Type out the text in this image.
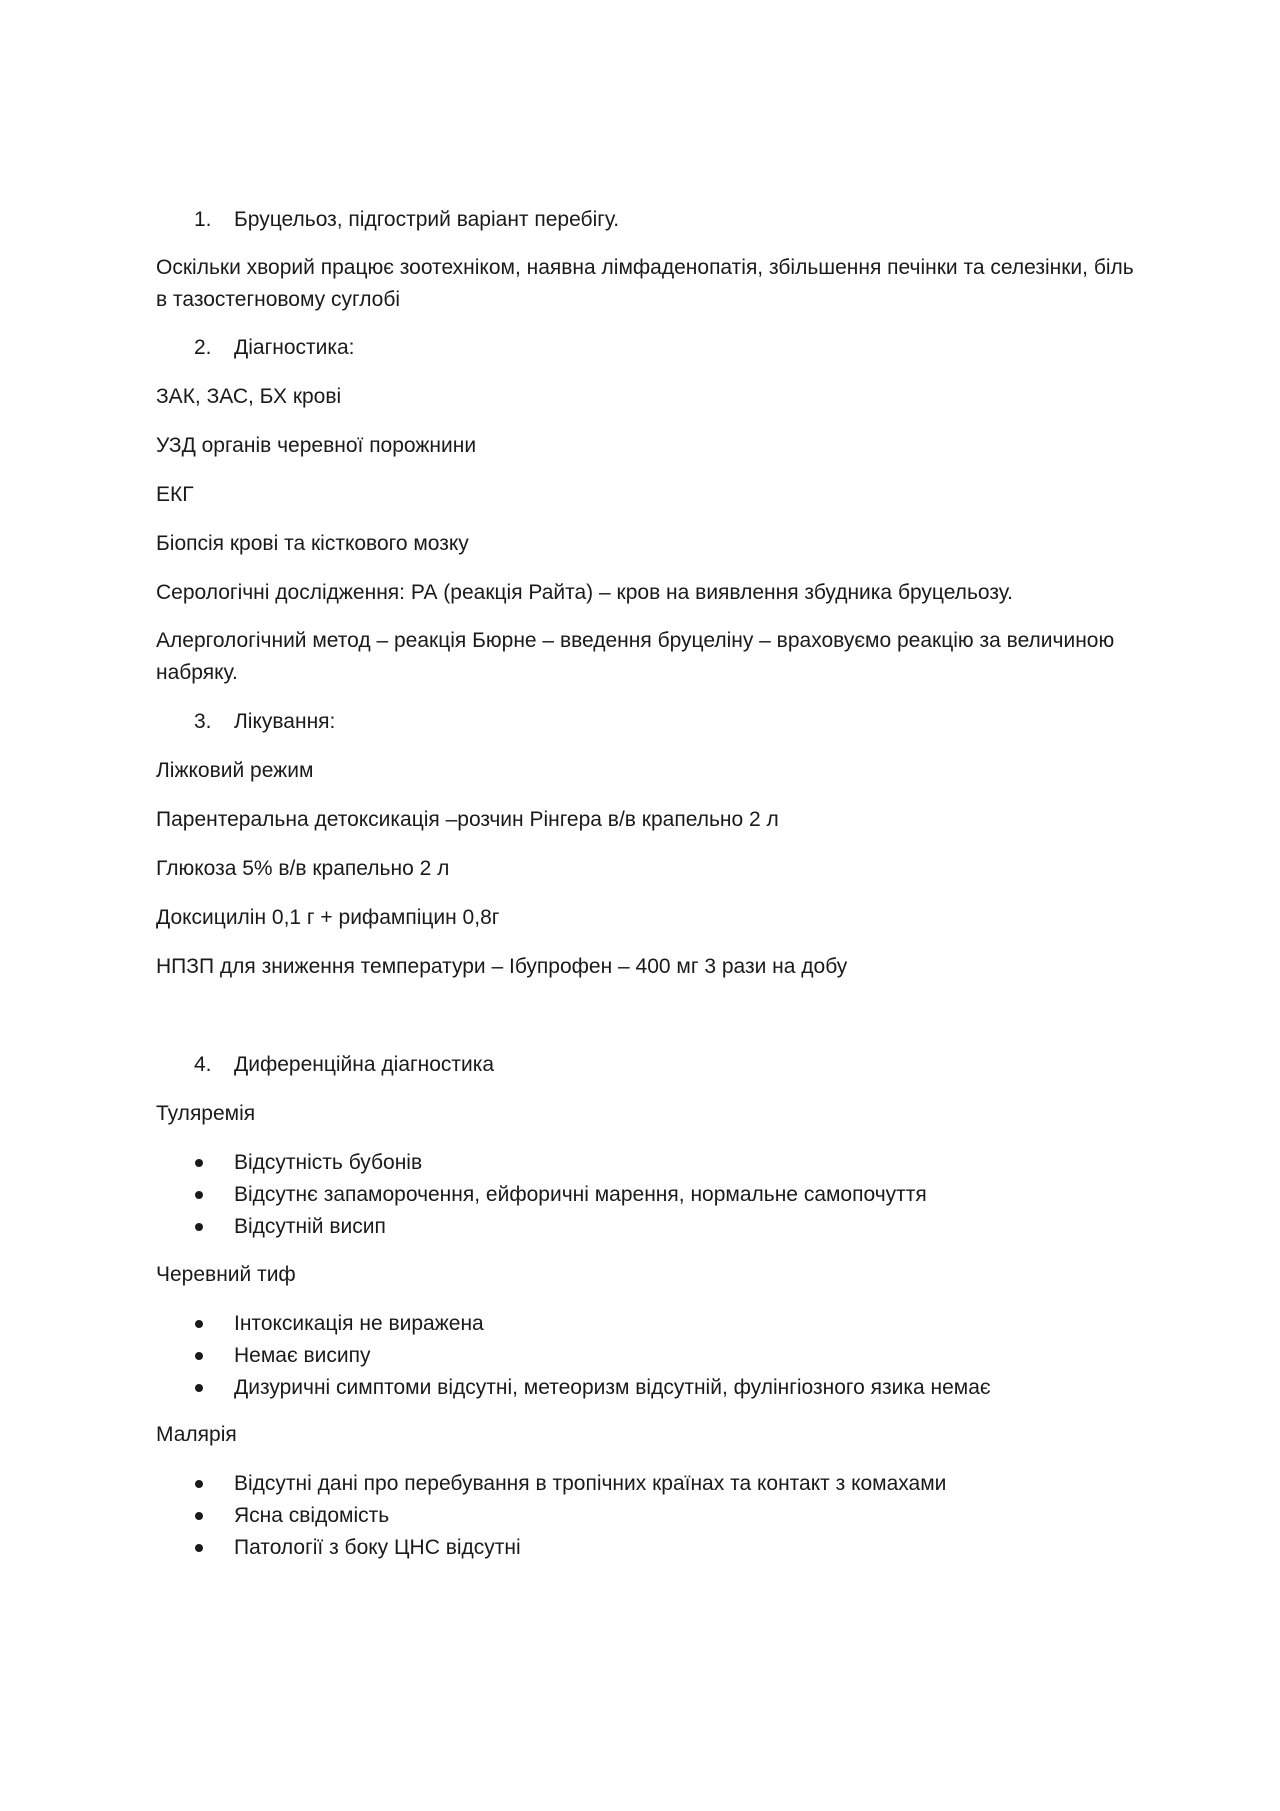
1.	Бруцельоз, підгострий варіант перебігу.

Оскільки хворий працює зоотехніком, наявна лімфаденопатія, збільшення печінки та селезінки, біль в тазостегновому суглобі

2.	Діагностика:

ЗАК, ЗАС, БХ крові

УЗД органів черевної порожнини

ЕКГ

Біопсія крові та кісткового мозку

Серологічні дослідження: РА (реакція Райта) – кров на виявлення збудника бруцельозу.

Алергологічний метод – реакція Бюрне – введення бруцеліну – враховуємо реакцію за величиною набряку.

3.	Лікування:

Ліжковий режим

Парентеральна детоксикація –розчин Рінгера в/в крапельно 2 л

Глюкоза 5% в/в крапельно 2 л

Доксицилін 0,1 г + рифампіцин 0,8г

НПЗП для зниження температури – Ібупрофен – 400 мг 3 рази на добу

4.	Диференційна діагностика

Туляремія

Відсутність бубонів
Відсутнє запаморочення, ейфоричні марення, нормальне самопочуття
Відсутній висип

Черевний тиф

Інтоксикація не виражена
Немає висипу
Дизуричні симптоми відсутні, метеоризм відсутній, фулінгіозного язика немає

Малярія

Відсутні дані про перебування в тропічних країнах та контакт з комахами
Ясна свідомість
Патології з боку ЦНС відсутні
